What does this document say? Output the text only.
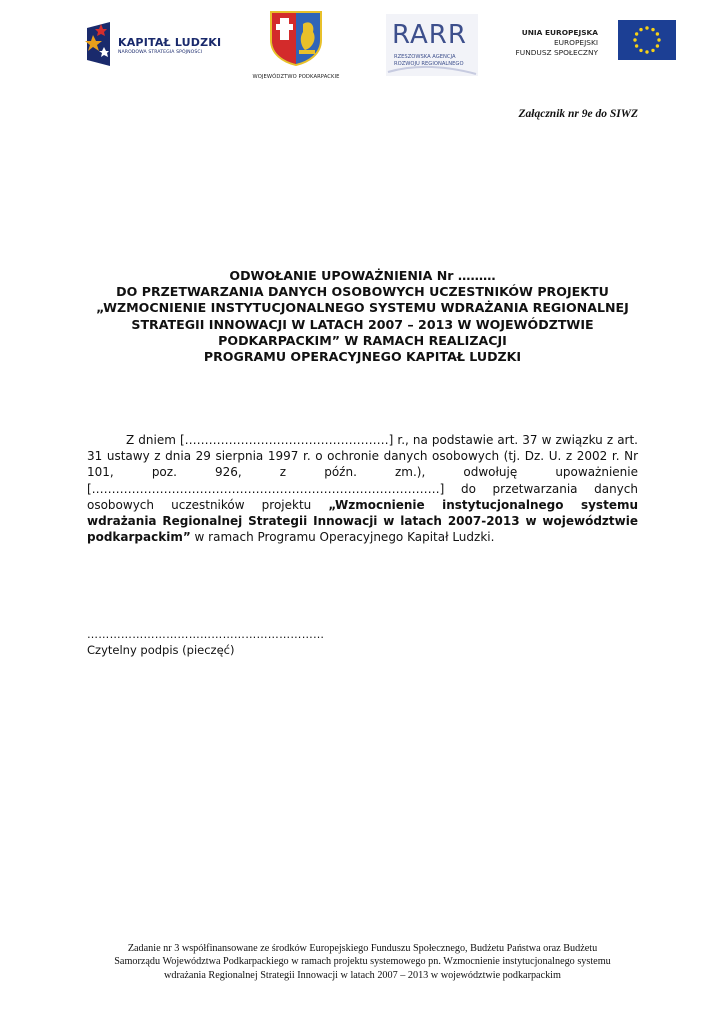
KAPITAŁ LUDZKI
NARODOWA STRATEGIA SPÓJNOŚCI
WOJEWÓDZTWO PODKARPACKIE
RARR
RZESZOWSKA AGENCJA
ROZWOJU REGIONALNEGO
UNIA EUROPEJSKA
EUROPEJSKI
FUNDUSZ SPOŁECZNY
Załącznik nr 9e do SIWZ
ODWOŁANIE UPOWAŻNIENIA Nr ………
DO PRZETWARZANIA DANYCH OSOBOWYCH UCZESTNIKÓW PROJEKTU
„WZMOCNIENIE INSTYTUCJONALNEGO SYSTEMU WDRAŻANIA REGIONALNEJ
STRATEGII INNOWACJI W LATACH 2007 – 2013 W WOJEWÓDZTWIE
PODKARPACKIM” W RAMACH REALIZACJI
PROGRAMU OPERACYJNEGO KAPITAŁ LUDZKI
Z dniem [……………………………………………] r., na podstawie art. 37 w związku z art. 31 ustawy z dnia 29 sierpnia 1997 r. o ochronie danych osobowych (tj. Dz. U. z 2002 r. Nr 101, poz. 926, z późn. zm.), odwołuję upoważnienie [……………………………………………………………………………] do przetwarzania danych osobowych uczestników projektu „Wzmocnienie instytucjonalnego systemu wdrażania Regionalnej Strategii Innowacji w latach 2007-2013 w województwie podkarpackim” w ramach Programu Operacyjnego Kapitał Ludzki.
………………………………………………………
Czytelny podpis (pieczęć)
Zadanie nr 3 współfinansowane ze środków Europejskiego Funduszu Społecznego, Budżetu Państwa oraz Budżetu
Samorządu Województwa Podkarpackiego w ramach projektu systemowego pn. Wzmocnienie instytucjonalnego systemu
wdrażania Regionalnej Strategii Innowacji w latach 2007 – 2013 w województwie podkarpackim
